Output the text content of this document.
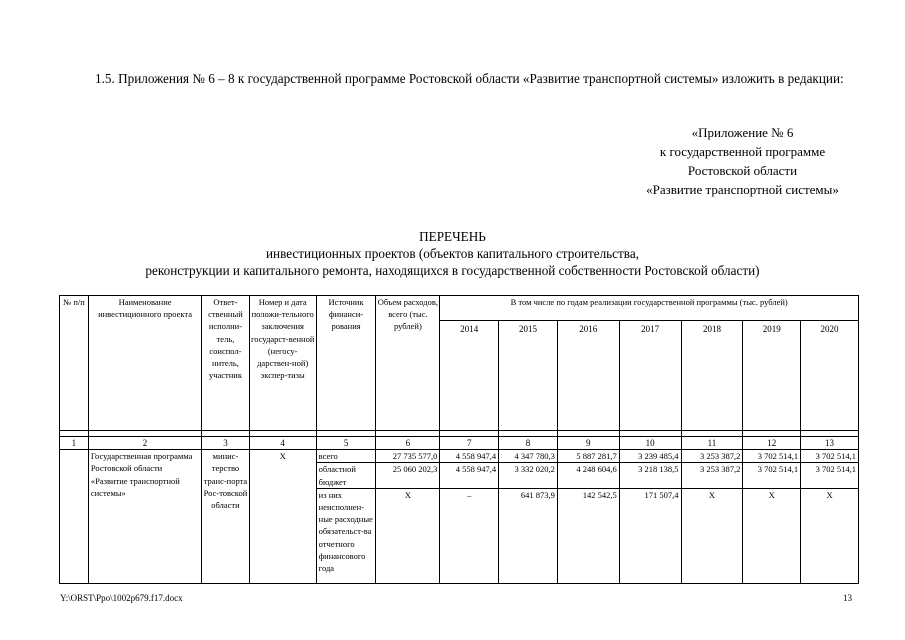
1.5. Приложения № 6 – 8 к государственной программе Ростовской области «Развитие транспортной системы» изложить в редакции:
«Приложение № 6
к государственной программе
Ростовской области
«Развитие транспортной системы»
ПЕРЕЧЕНЬ
инвестиционных проектов (объектов капитального строительства,
реконструкции и капитального ремонта, находящихся в государственной собственности Ростовской области)
№ п/п	Наименование инвестиционного проекта	Ответ-ственный исполни-тель, соиспол-нитель, участник	Номер и дата положи-тельного заключения государст-венной (негосу-дарствен-ной) экспер-тизы	Источник финанси-рования	Объем расходов, всего (тыс. рублей)	В том числе по годам реализации государственной программы (тыс. рублей)						
						2014	2015	2016	2017	2018	2019	2020

1	2	3	4	5	6	7	8	9	10	11	12	13
	Государственная программа Ростовской области «Развитие транспортной системы»	минис-терство транс-порта Рос-товской области	Х	всего	27 735 577,0	4 558 947,4	4 347 780,3	5 887 281,7	3 239 485,4	3 253 387,2	3 702 514,1	3 702 514,1
				областной бюджет	25 060 202,3	4 558 947,4	3 332 020,2	4 248 604,6	3 218 138,5	3 253 387,2	3 702 514,1	3 702 514,1
				из них неисполнен-ные расходные обязательст-ва отчетного финансового года	Х	–	641 873,9	142 542,5	171 507,4	Х	Х	Х
Y:\ORST\Ppo\1002p679.f17.docx	13
